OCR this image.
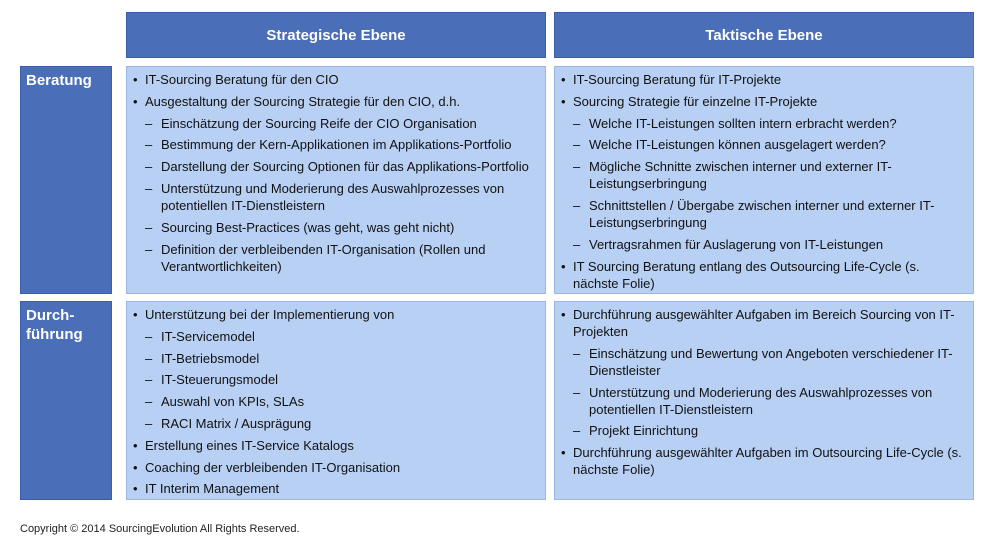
Strategische Ebene	Taktische Ebene
Beratung
Durch-
führung
• IT-Sourcing Beratung für den CIO
• Ausgestaltung der Sourcing Strategie für den CIO, d.h.
– Einschätzung der Sourcing Reife der CIO Organisation
– Bestimmung der Kern-Applikationen im Applikations-Portfolio
– Darstellung der Sourcing Optionen für das Applikations-Portfolio
– Unterstützung und Moderierung des Auswahlprozesses von potentiellen IT-Dienstleistern
– Sourcing Best-Practices (was geht, was geht nicht)
– Definition der verbleibenden IT-Organisation (Rollen und Verantwortlichkeiten)
• IT-Sourcing Beratung für IT-Projekte
• Sourcing Strategie für einzelne IT-Projekte
– Welche IT-Leistungen sollten intern erbracht werden?
– Welche IT-Leistungen können ausgelagert werden?
– Mögliche Schnitte zwischen interner und externer IT-Leistungserbringung
– Schnittstellen / Übergabe zwischen interner und externer IT-Leistungserbringung
– Vertragsrahmen für Auslagerung von IT-Leistungen
• IT Sourcing Beratung entlang des Outsourcing Life-Cycle (s. nächste Folie)
• Unterstützung bei der Implementierung von
– IT-Servicemodel
– IT-Betriebsmodel
– IT-Steuerungsmodel
– Auswahl von KPIs, SLAs
– RACI Matrix / Ausprägung
• Erstellung eines IT-Service Katalogs
• Coaching der verbleibenden IT-Organisation
• IT Interim Management
• Durchführung ausgewählter Aufgaben im Bereich Sourcing von IT-Projekten
– Einschätzung und Bewertung von Angeboten verschiedener IT-Dienstleister
– Unterstützung und Moderierung des Auswahlprozesses von potentiellen IT-Dienstleistern
– Projekt Einrichtung
• Durchführung ausgewählter Aufgaben im Outsourcing Life-Cycle (s. nächste Folie)
Copyright © 2014 SourcingEvolution All Rights Reserved.
